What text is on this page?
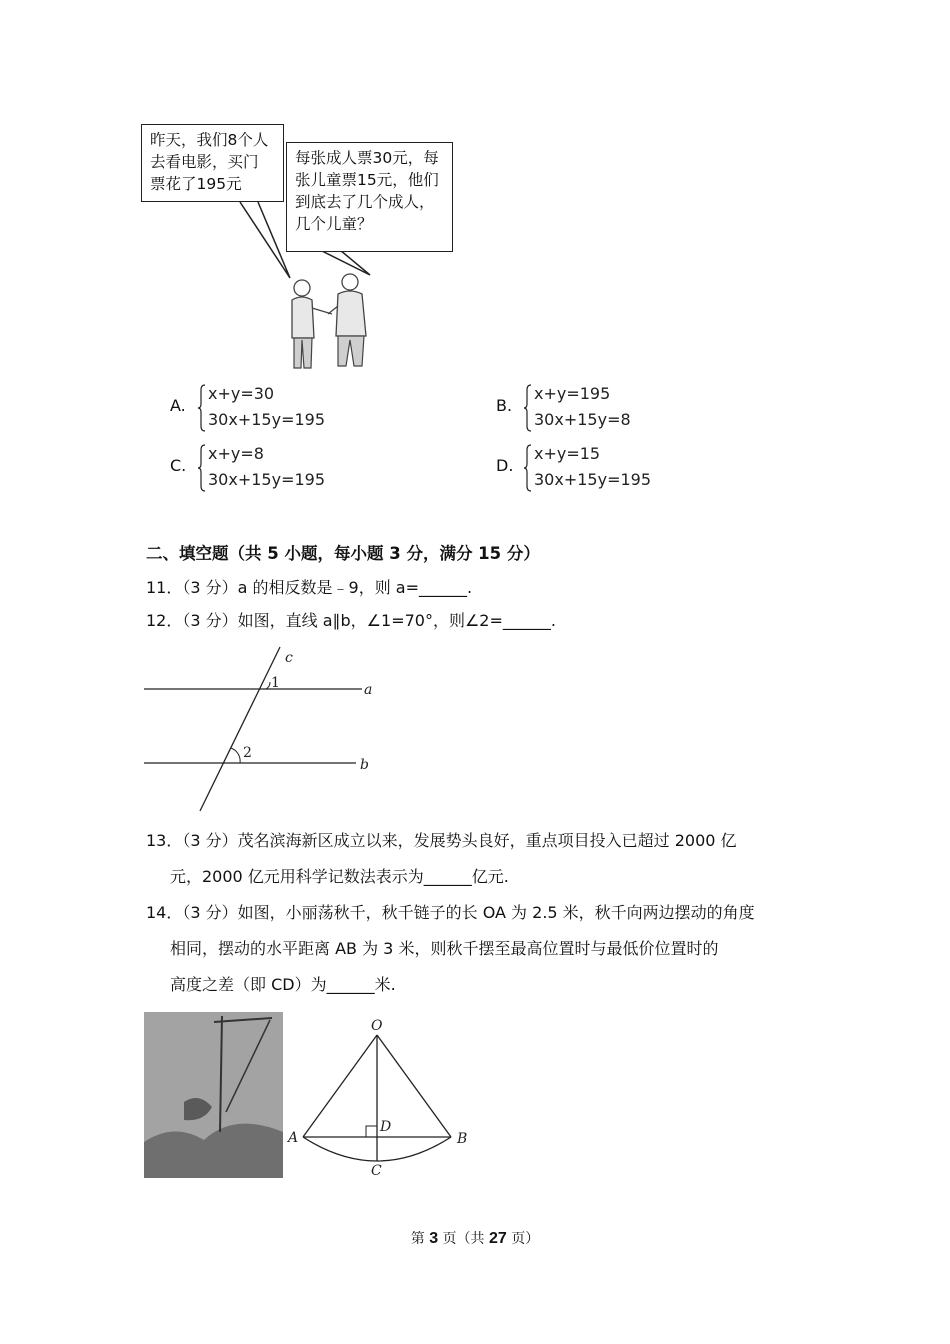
昨天，我们8个人
去看电影，买门
票花了195元
每张成人票30元，每
张儿童票15元，他们
到底去了几个成人，
几个儿童？
A.
x+y=30
30x+15y=195
B.
x+y=195
30x+15y=8
C.
x+y=8
30x+15y=195
D.
x+y=15
30x+15y=195
二、填空题（共 5 小题，每小题 3 分，满分 15 分）
11．（3 分）a 的相反数是﹣9，则 a=______.
12．（3 分）如图，直线 a∥b，∠1=70°，则∠2=______.
c
1	a
2
b
13．（3 分）茂名滨海新区成立以来，发展势头良好，重点项目投入已超过 2000 亿
元，2000 亿元用科学记数法表示为______亿元.
14．（3 分）如图，小丽荡秋千，秋千链子的长 OA 为 2.5 米，秋千向两边摆动的角度
相同，摆动的水平距离 AB 为 3 米，则秋千摆至最高位置时与最低价位置时的
高度之差（即 CD）为______米.
O
A	B
D
C
第 3 页（共 27 页）
